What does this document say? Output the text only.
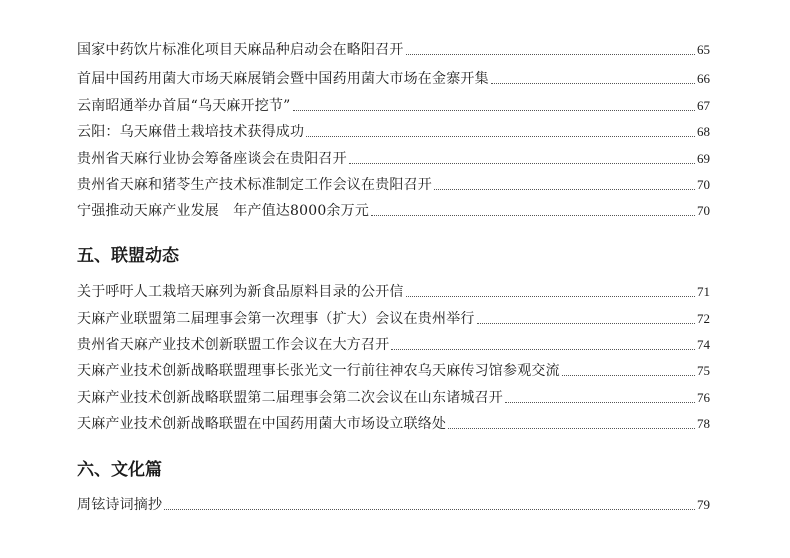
国家中药饮片标准化项目天麻品种启动会在略阳召开	65
首届中国药用菌大市场天麻展销会暨中国药用菌大市场在金寨开集	66
云南昭通举办首届“乌天麻开挖节”	67
云阳：乌天麻借土栽培技术获得成功	68
贵州省天麻行业协会筹备座谈会在贵阳召开	69
贵州省天麻和猪苓生产技术标准制定工作会议在贵阳召开	70
宁强推动天麻产业发展　年产值达8000余万元	70
五、联盟动态
关于呼吁人工栽培天麻列为新食品原料目录的公开信	71
天麻产业联盟第二届理事会第一次理事（扩大）会议在贵州举行	72
贵州省天麻产业技术创新联盟工作会议在大方召开	74
天麻产业技术创新战略联盟理事长张光文一行前往神农乌天麻传习馆参观交流	75
天麻产业技术创新战略联盟第二届理事会第二次会议在山东诸城召开	76
天麻产业技术创新战略联盟在中国药用菌大市场设立联络处	78
六、文化篇
周铉诗词摘抄	79
